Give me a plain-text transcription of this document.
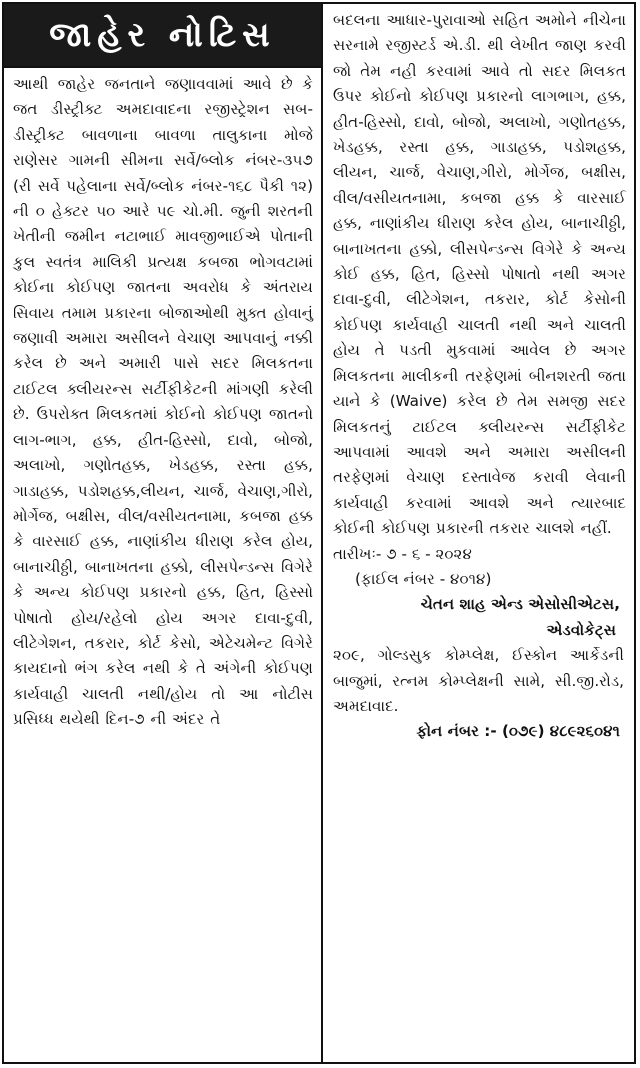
જાહેર નોટિસ

આથી જાહેર જનતાને જણાવવામાં આવે છે કે જત ડીસ્ટ્રીક્ટ અમદાવાદના રજીસ્ટ્રેશન સબ-ડીસ્ટ્રીક્ટ બાવળાના બાવળા તાલુકાના મોજે રાણેસર ગામની સીમના સર્વે/બ્લોક નંબર-૩૫૭ (રી સર્વે પહેલાના સર્વે/બ્લોક નંબર-૧૬૮ પૈકી ૧૨) ની ૦ હેક્ટર ૫૦ આરે ૫૯ ચો.મી. જુની શરતની ખેતીની જમીન નટાભાઈ માવજીભાઈએ પોતાની કુલ સ્વતંત્ર માલિકી પ્રત્યક્ષ કબજા ભોગવટામાં કોઈના કોઈપણ જાતના અવરોધ કે અંતરાય સિવાય તમામ પ્રકારના બોજાઓથી મુક્ત હોવાનું જણાવી અમારા અસીલને વેચાણ આપવાનું નક્કી કરેલ છે અને અમારી પાસે સદર મિલકતના ટાઈટલ ક્લીયરન્સ સર્ટીફીકેટની માંગણી કરેલી છે. ઉપરોક્ત મિલકતમાં કોઈનો કોઈપણ જાતનો લાગ-ભાગ, હક્ક, હીત-હિસ્સો, દાવો, બોજો, અલાખો, ગણોતહક્ક, ખેડહક્ક, રસ્તા હક્ક, ગાડાહક્ક, પડોશહક્ક,લીયન, ચાર્જ, વેચાણ,ગીરો, મોર્ગેજ, બક્ષીસ, વીલ/વસીયતનામા, કબજા હક્ક કે વારસાઈ હક્ક, નાણાંકીય ધીરાણ કરેલ હોય, બાનાચીઠ્ઠી, બાનાખતના હક્કો, લીસપેન્ડન્સ વિગેરે કે અન્ય કોઈપણ પ્રકારનો હક્ક, હિત, હિસ્સો પોષાતો હોય/રહેલો હોય અગર દાવા-દુવી, લીટેગેશન, તકરાર, કોર્ટ કેસો, એટેચમેન્ટ વિગેરે કાયદાનો ભંગ કરેલ નથી કે તે અંગેની કોઈપણ કાર્યવાહી ચાલતી નથી/હોય તો આ નોટીસ પ્રસિધ્ધ થયેથી દિન-૭ ની અંદર તે

બદલના આધાર-પુરાવાઓ સહિત અમોને નીચેના સરનામે રજીસ્ટર્ડ એ.ડી. થી લેખીત જાણ કરવી જો તેમ નહી કરવામાં આવે તો સદર મિલકત ઉપર કોઈનો કોઈપણ પ્રકારનો લાગભાગ, હક્ક, હીત-હિસ્સો, દાવો, બોજો, અલાખો, ગણોતહક્ક, ખેડહક્ક, રસ્તા હક્ક, ગાડાહક્ક, પડોશહક્ક, લીયન, ચાર્જ, વેચાણ,ગીરો, મોર્ગેજ, બક્ષીસ, વીલ/વસીયતનામા, કબજા હક્ક કે વારસાઈ હક્ક, નાણાંકીય ધીરાણ કરેલ હોય, બાનાચીઠ્ઠી, બાનાખતના હક્કો, લીસપેન્ડન્સ વિગેરે કે અન્ય કોઈ હક્ક, હિત, હિસ્સો પોષાતો નથી અગર દાવા-દુવી, લીટેગેશન, તકરાર, કોર્ટ કેસોની કોઈપણ કાર્યવાહી ચાલતી નથી અને ચાલતી હોય તે પડતી મુકવામાં આવેલ છે અગર મિલકતના માલીકની તરફેણમાં બીનશરતી જતા યાને કે (Waive) કરેલ છે તેમ સમજી સદર મિલકતનું ટાઈટલ ક્લીયરન્સ સર્ટીફીકેટ આપવામાં આવશે અને અમારા અસીલની તરફેણમાં વેચાણ દસ્તાવેજ કરાવી લેવાની કાર્યવાહી કરવામાં આવશે અને ત્યારબાદ કોઈની કોઈપણ પ્રકારની તકરાર ચાલશે નહીં.

તારીખઃ- ૭ - ૬ - ૨૦૨૪
(ફાઈલ નંબર - ૪૦૧૪)
ચેતન શાહ એન્ડ એસોસીએટસ,
એડવોકેટ્સ
૨૦૯, ગોલ્ડસુક કોમ્પ્લેક્ષ, ઈસ્કોન આર્કેડની બાજુમાં, રત્નમ કોમ્પ્લેક્ષની સામે, સી.જી.રોડ, અમદાવાદ.
ફોન નંબર :- (૦૭૯) ૪૮૯૨૬૦૪૧
